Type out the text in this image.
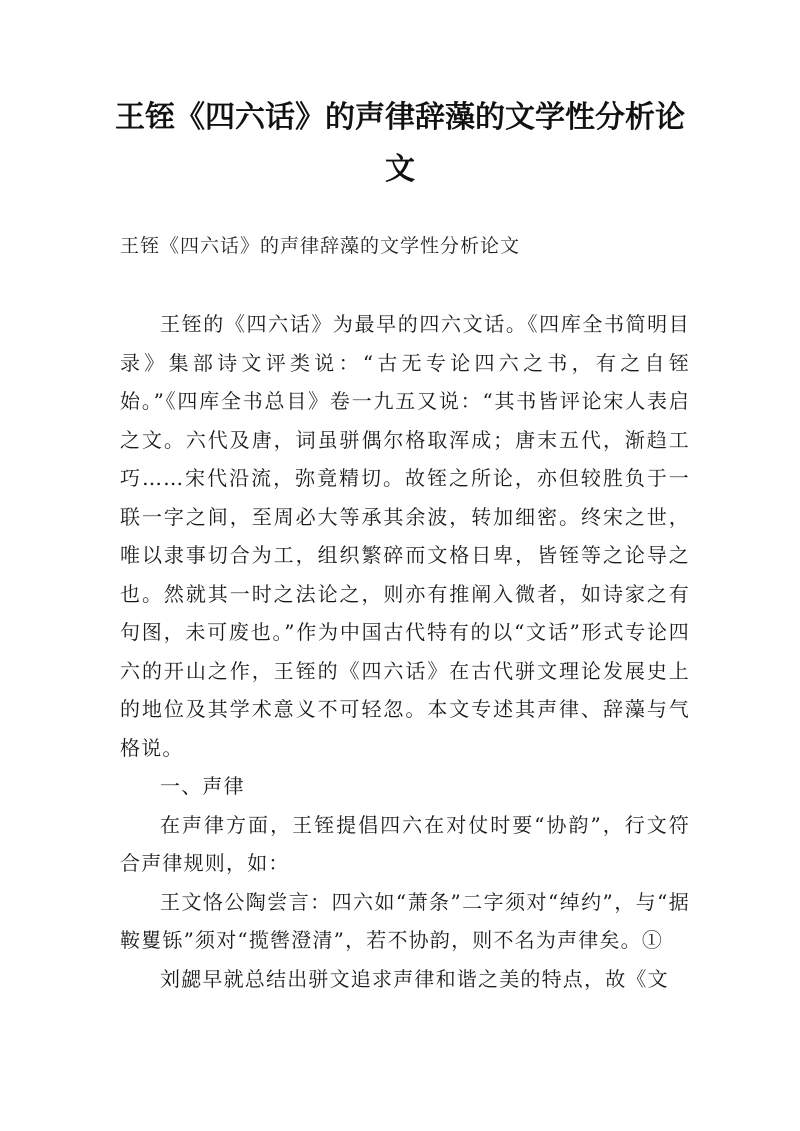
王铚《四六话》的声律辞藻的文学性分析论文
王铚《四六话》的声律辞藻的文学性分析论文

王铚的《四六话》为最早的四六文话。《四库全书简明目录》集部诗文评类说：“古无专论四六之书，有之自铚始。”《四库全书总目》卷一九五又说：“其书皆评论宋人表启之文。六代及唐，词虽骈偶尔格取浑成；唐末五代，渐趋工巧……宋代沿流，弥竟精切。故铚之所论，亦但较胜负于一联一字之间，至周必大等承其余波，转加细密。终宋之世，唯以隶事切合为工，组织繁碎而文格日卑，皆铚等之论导之也。然就其一时之法论之，则亦有推阐入微者，如诗家之有句图，未可废也。”作为中国古代特有的以“文话”形式专论四六的开山之作，王铚的《四六话》在古代骈文理论发展史上的地位及其学术意义不可轻忽。本文专述其声律、辞藻与气格说。

一、声律

在声律方面，王铚提倡四六在对仗时要“协韵”，行文符合声律规则，如：

王文恪公陶尝言：四六如“萧条”二字须对“绰约”，与“据鞍矍铄”须对“揽辔澄清”，若不协韵，则不名为声律矣。①

刘勰早就总结出骈文追求声律和谐之美的特点，故《文
